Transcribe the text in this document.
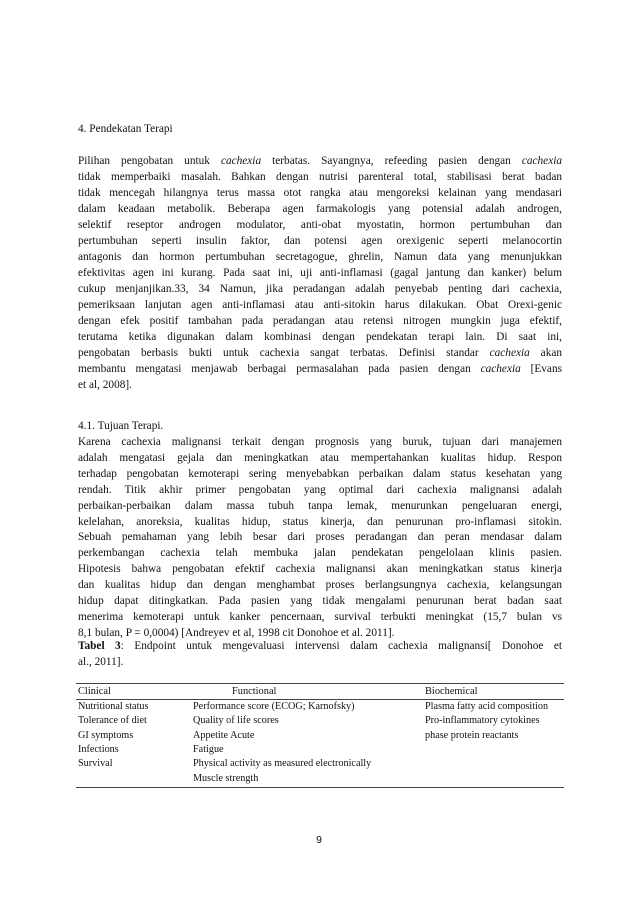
4. Pendekatan Terapi
Pilihan pengobatan untuk cachexia terbatas. Sayangnya, refeeding pasien dengan cachexia
tidak memperbaiki masalah. Bahkan dengan nutrisi parenteral total, stabilisasi berat badan
tidak mencegah hilangnya terus massa otot rangka atau mengoreksi kelainan yang mendasari
dalam keadaan metabolik. Beberapa agen farmakologis yang potensial adalah androgen,
selektif reseptor androgen modulator, anti-obat myostatin, hormon pertumbuhan dan
pertumbuhan seperti insulin faktor, dan potensi agen orexigenic seperti melanocortin
antagonis dan hormon pertumbuhan secretagogue, ghrelin, Namun data yang menunjukkan
efektivitas agen ini kurang. Pada saat ini, uji anti-inflamasi (gagal jantung dan kanker) belum
cukup menjanjikan.33, 34 Namun, jika peradangan adalah penyebab penting dari cachexia,
pemeriksaan lanjutan agen anti-inflamasi atau anti-sitokin harus dilakukan. Obat Orexi-genic
dengan efek positif tambahan pada peradangan atau retensi nitrogen mungkin juga efektif,
terutama ketika digunakan dalam kombinasi dengan pendekatan terapi lain. Di saat ini,
pengobatan berbasis bukti untuk cachexia sangat terbatas. Definisi standar cachexia akan
membantu mengatasi menjawab berbagai permasalahan pada pasien dengan cachexia [Evans
et al, 2008].
4.1. Tujuan Terapi.
Karena cachexia malignansi terkait dengan prognosis yang buruk, tujuan dari manajemen
adalah mengatasi gejala dan meningkatkan atau mempertahankan kualitas hidup. Respon
terhadap pengobatan kemoterapi sering menyebabkan perbaikan dalam status kesehatan yang
rendah. Titik akhir primer pengobatan yang optimal dari cachexia malignansi adalah
perbaikan-perbaikan dalam massa tubuh tanpa lemak, menurunkan pengeluaran energi,
kelelahan, anoreksia, kualitas hidup, status kinerja, dan penurunan pro-inflamasi sitokin.
Sebuah pemahaman yang lebih besar dari proses peradangan dan peran mendasar dalam
perkembangan cachexia telah membuka jalan pendekatan pengelolaan klinis pasien.
Hipotesis bahwa pengobatan efektif cachexia malignansi akan meningkatkan status kinerja
dan kualitas hidup dan dengan menghambat proses berlangsungnya cachexia, kelangsungan
hidup dapat ditingkatkan. Pada pasien yang tidak mengalami penurunan berat badan saat
menerima kemoterapi untuk kanker pencernaan, survival terbukti meningkat (15,7 bulan vs
8,1 bulan, P = 0,0004) [Andreyev et al, 1998 cit Donohoe et al. 2011].
Tabel 3: Endpoint untuk mengevaluasi intervensi dalam cachexia malignansi[ Donohoe et
al., 2011].
Clinical	Functional	Biochemical
Nutritional status
Tolerance of diet
GI symptoms
Infections
Survival
Performance score (ECOG; Karnofsky)
Quality of life scores
Appetite Acute
Fatigue
Physical activity as measured electronically
Muscle strength
Plasma fatty acid composition
Pro-inflammatory cytokines
phase protein reactants
9
